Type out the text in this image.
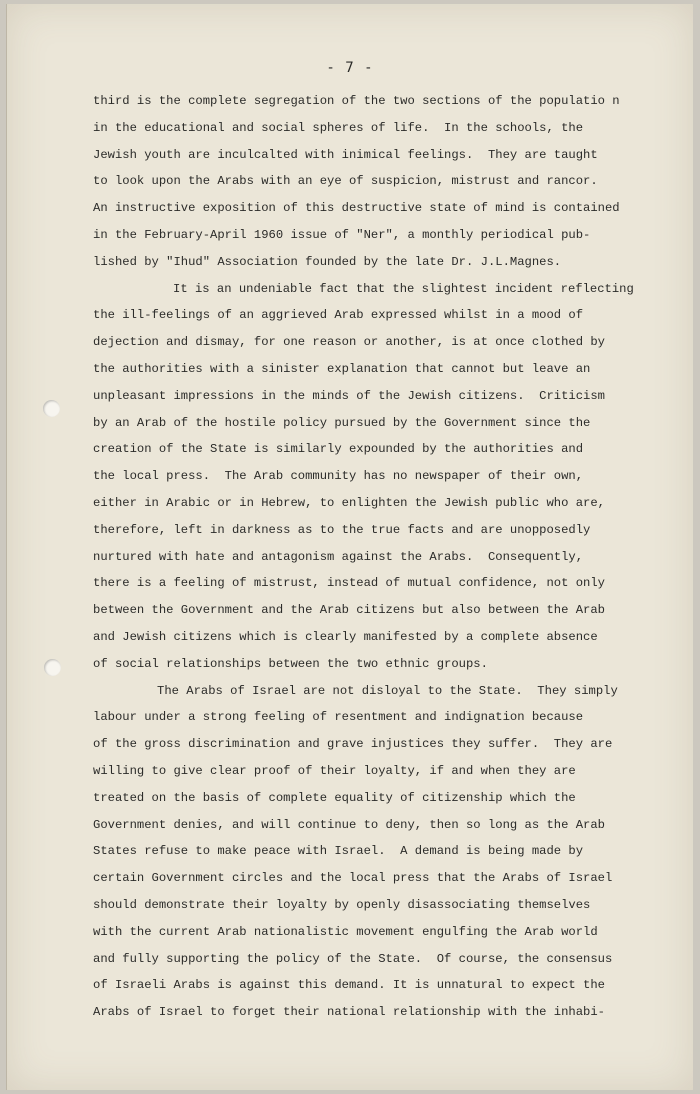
- 7 -

third is the complete segregation of the two sections of the populatio n
in the educational and social spheres of life.  In the schools, the
Jewish youth are inculcalted with inimical feelings.  They are taught
to look upon the Arabs with an eye of suspicion, mistrust and rancor.
An instructive exposition of this destructive state of mind is contained
in the February-April 1960 issue of "Ner", a monthly periodical pub-
lished by "Ihud" Association founded by the late Dr. J.L.Magnes.

It is an undeniable fact that the slightest incident reflecting
the ill-feelings of an aggrieved Arab expressed whilst in a mood of
dejection and dismay, for one reason or another, is at once clothed by
the authorities with a sinister explanation that cannot but leave an
unpleasant impressions in the minds of the Jewish citizens.  Criticism
by an Arab of the hostile policy pursued by the Government since the
creation of the State is similarly expounded by the authorities and
the local press.  The Arab community has no newspaper of their own,
either in Arabic or in Hebrew, to enlighten the Jewish public who are,
therefore, left in darkness as to the true facts and are unopposedly
nurtured with hate and antagonism against the Arabs.  Consequently,
there is a feeling of mistrust, instead of mutual confidence, not only
between the Government and the Arab citizens but also between the Arab
and Jewish citizens which is clearly manifested by a complete absence
of social relationships between the two ethnic groups.

The Arabs of Israel are not disloyal to the State.  They simply
labour under a strong feeling of resentment and indignation because
of the gross discrimination and grave injustices they suffer.  They are
willing to give clear proof of their loyalty, if and when they are
treated on the basis of complete equality of citizenship which the
Government denies, and will continue to deny, then so long as the Arab
States refuse to make peace with Israel.  A demand is being made by
certain Government circles and the local press that the Arabs of Israel
should demonstrate their loyalty by openly disassociating themselves
with the current Arab nationalistic movement engulfing the Arab world
and fully supporting the policy of the State.  Of course, the consensus
of Israeli Arabs is against this demand. It is unnatural to expect the
Arabs of Israel to forget their national relationship with the inhabi-
